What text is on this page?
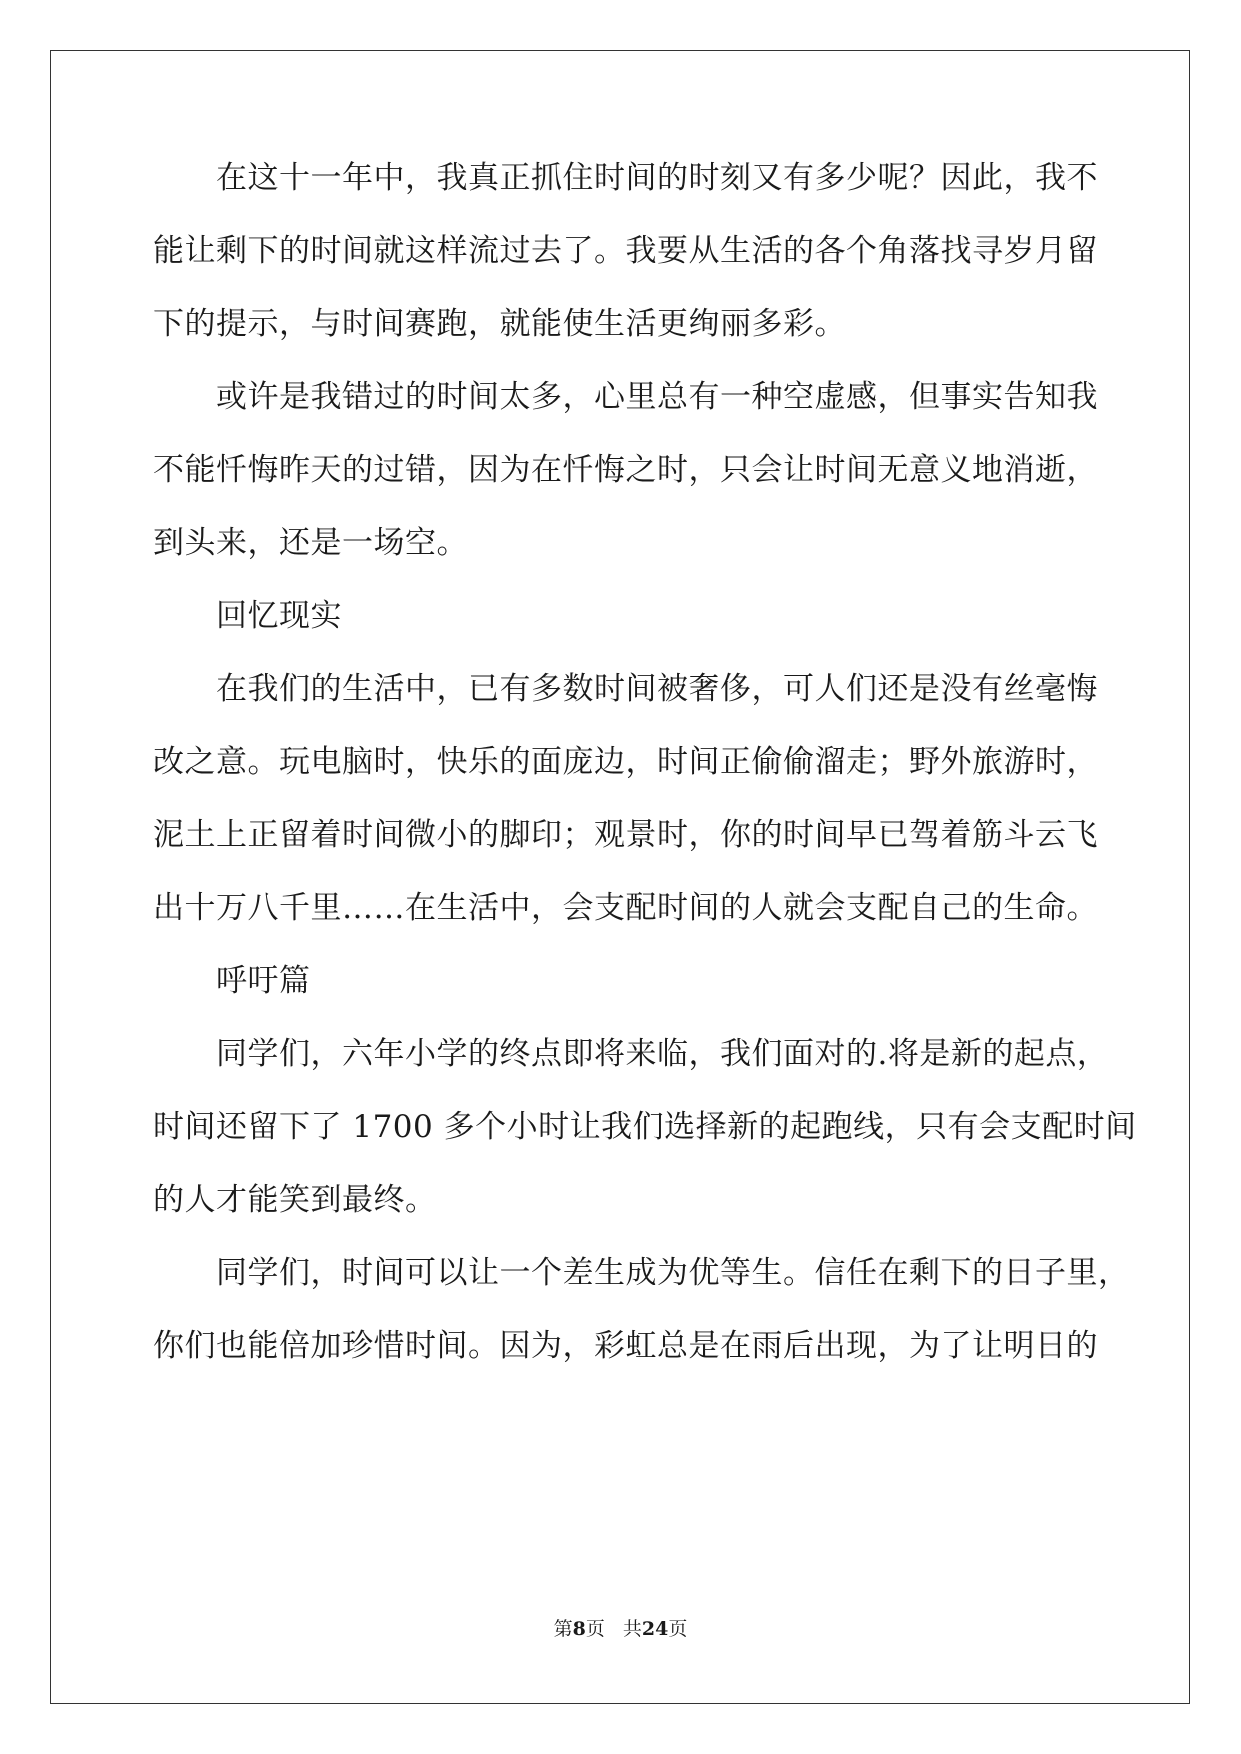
　　在这十一年中，我真正抓住时间的时刻又有多少呢？因此，我不
能让剩下的时间就这样流过去了。我要从生活的各个角落找寻岁月留
下的提示，与时间赛跑，就能使生活更绚丽多彩。
　　或许是我错过的时间太多，心里总有一种空虚感，但事实告知我
不能忏悔昨天的过错，因为在忏悔之时，只会让时间无意义地消逝，
到头来，还是一场空。
　　回忆现实
　　在我们的生活中，已有多数时间被奢侈，可人们还是没有丝毫悔
改之意。玩电脑时，快乐的面庞边，时间正偷偷溜走；野外旅游时，
泥土上正留着时间微小的脚印；观景时，你的时间早已驾着筋斗云飞
出十万八千里……在生活中，会支配时间的人就会支配自己的生命。
　　呼吁篇
　　同学们，六年小学的终点即将来临，我们面对的.将是新的起点，
时间还留下了 1700 多个小时让我们选择新的起跑线，只有会支配时间
的人才能笑到最终。
　　同学们，时间可以让一个差生成为优等生。信任在剩下的日子里，
你们也能倍加珍惜时间。因为，彩虹总是在雨后出现，为了让明日的
第8页 共24页
